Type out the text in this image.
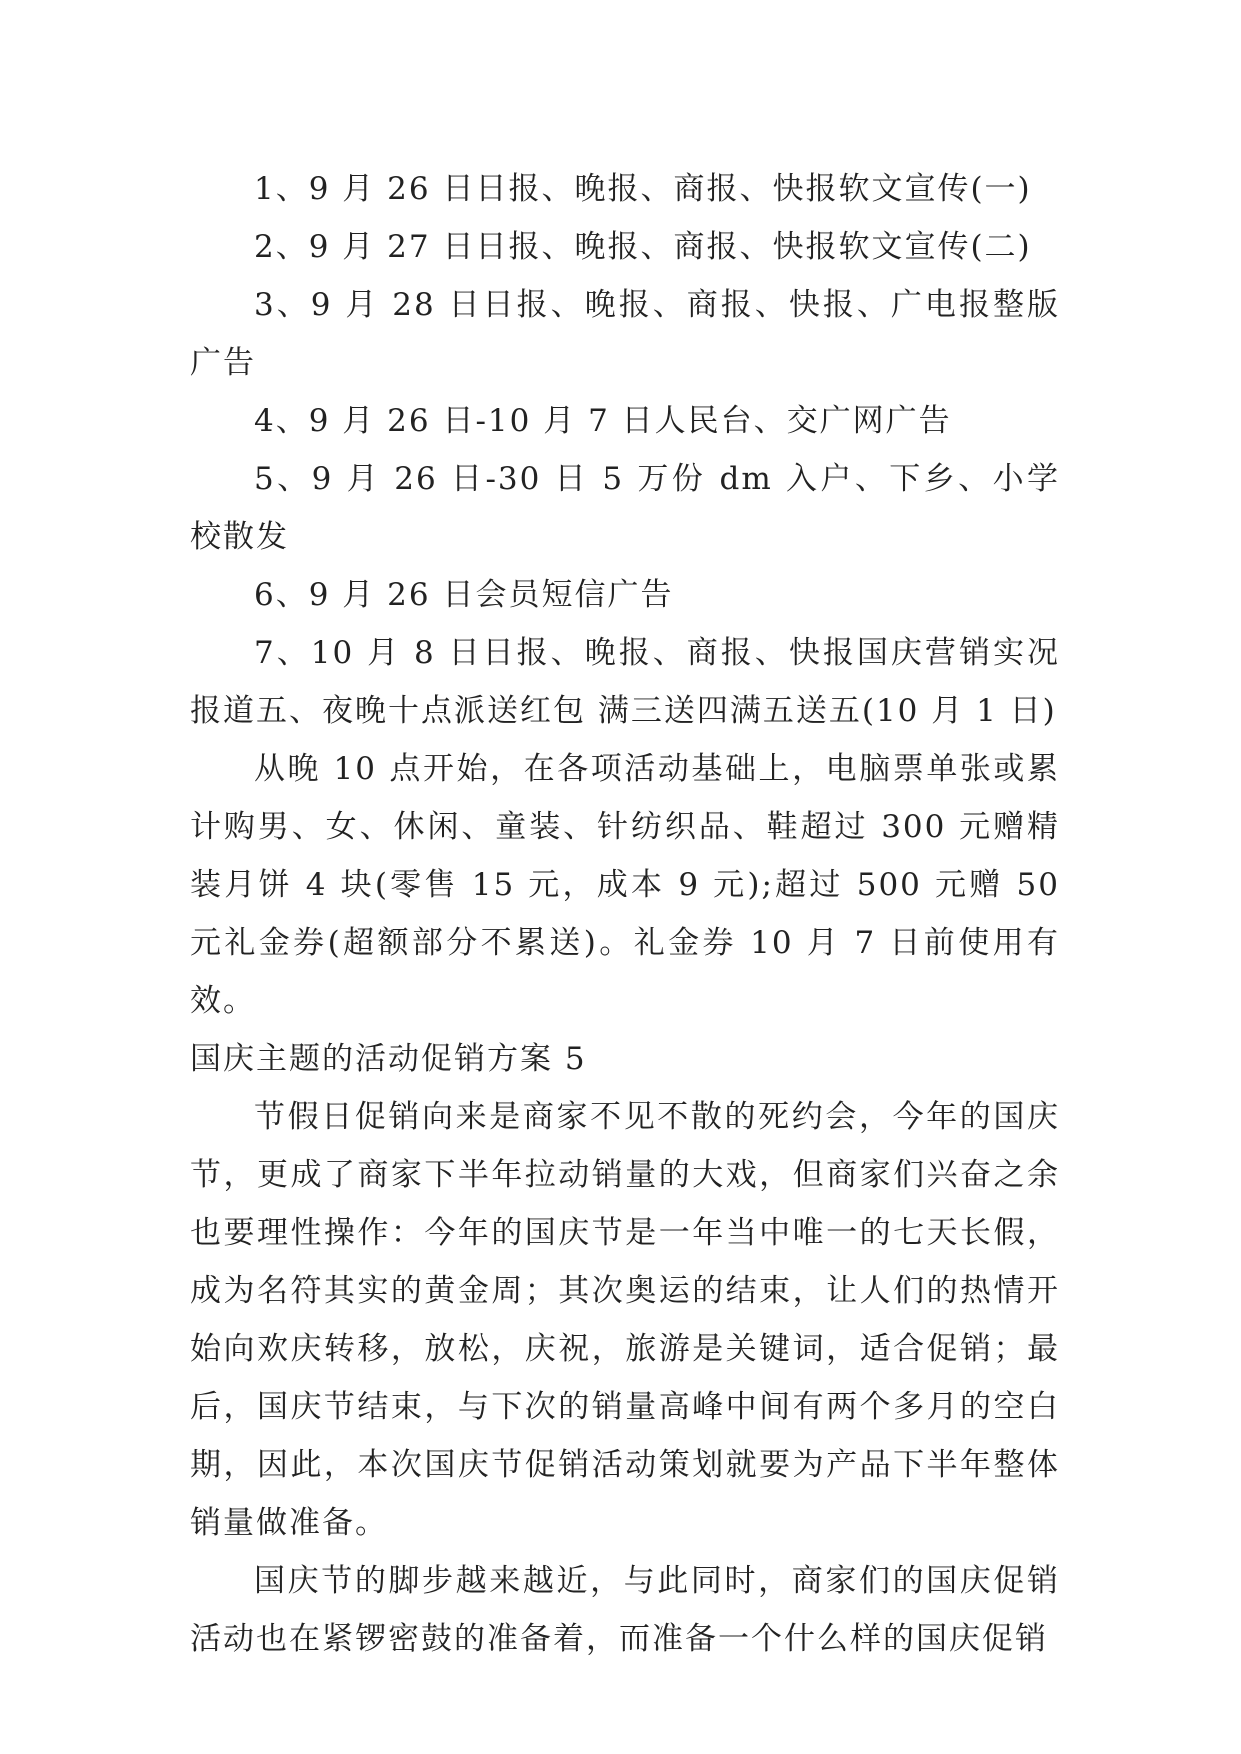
1、9 月 26 日日报、晚报、商报、快报软文宣传(一)

2、9 月 27 日日报、晚报、商报、快报软文宣传(二)

3、9 月 28 日日报、晚报、商报、快报、广电报整版广告

4、9 月 26 日-10 月 7 日人民台、交广网广告

5、9 月 26 日-30 日 5 万份 dm 入户、下乡、小学校散发

6、9 月 26 日会员短信广告

7、10 月 8 日日报、晚报、商报、快报国庆营销实况报道五、夜晚十点派送红包 满三送四满五送五(10 月 1 日)

从晚 10 点开始，在各项活动基础上，电脑票单张或累计购男、女、休闲、童装、针纺织品、鞋超过 300 元赠精装月饼 4 块(零售 15 元，成本 9 元);超过 500 元赠 50 元礼金券(超额部分不累送)。礼金券 10 月 7 日前使用有效。

国庆主题的活动促销方案 5

节假日促销向来是商家不见不散的死约会，今年的国庆节，更成了商家下半年拉动销量的大戏，但商家们兴奋之余也要理性操作：今年的国庆节是一年当中唯一的七天长假，成为名符其实的黄金周；其次奥运的结束，让人们的热情开始向欢庆转移，放松，庆祝，旅游是关键词，适合促销；最后，国庆节结束，与下次的销量高峰中间有两个多月的空白期，因此，本次国庆节促销活动策划就要为产品下半年整体销量做准备。

国庆节的脚步越来越近，与此同时，商家们的国庆促销活动也在紧锣密鼓的准备着，而准备一个什么样的国庆促销
